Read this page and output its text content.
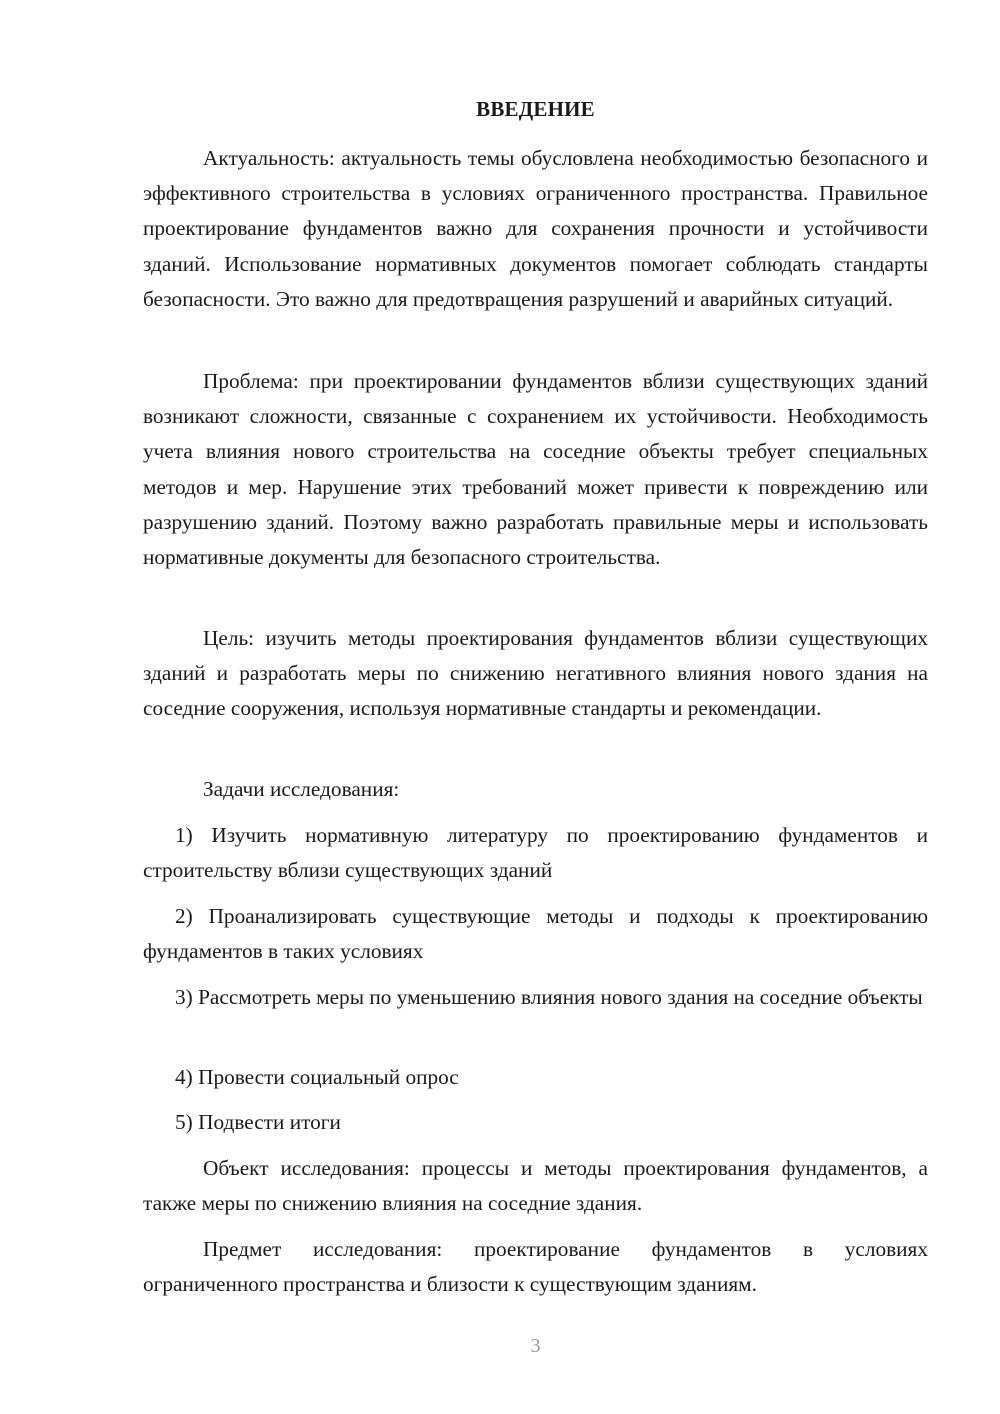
ВВЕДЕНИЕ

Актуальность: актуальность темы обусловлена необходимостью безопасного и эффективного строительства в условиях ограниченного пространства. Правильное проектирование фундаментов важно для сохранения прочности и устойчивости зданий. Использование нормативных документов помогает соблюдать стандарты безопасности. Это важно для предотвращения разрушений и аварийных ситуаций.

Проблема: при проектировании фундаментов вблизи существующих зданий возникают сложности, связанные с сохранением их устойчивости. Необходимость учета влияния нового строительства на соседние объекты требует специальных методов и мер. Нарушение этих требований может привести к повреждению или разрушению зданий. Поэтому важно разработать правильные меры и использовать нормативные документы для безопасного строительства.

Цель: изучить методы проектирования фундаментов вблизи существующих зданий и разработать меры по снижению негативного влияния нового здания на соседние сооружения, используя нормативные стандарты и рекомендации.

Задачи исследования:

1) Изучить нормативную литературу по проектированию фундаментов и строительству вблизи существующих зданий

2) Проанализировать существующие методы и подходы к проектированию фундаментов в таких условиях

3) Рассмотреть меры по уменьшению влияния нового здания на соседние объекты

4) Провести социальный опрос

5) Подвести итоги

Объект исследования: процессы и методы проектирования фундаментов, а также меры по снижению влияния на соседние здания.

Предмет исследования: проектирование фундаментов в условиях ограниченного пространства и близости к существующим зданиям.

3
